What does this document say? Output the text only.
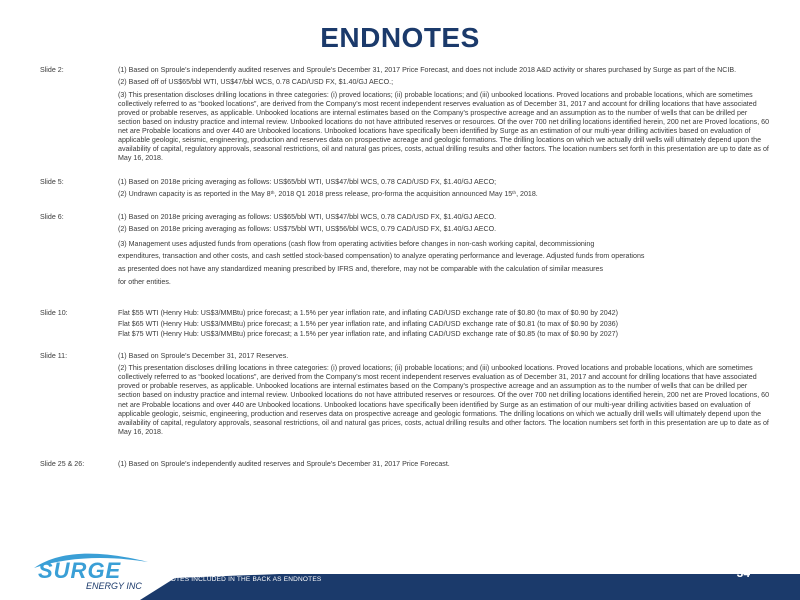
ENDNOTES
Slide 2:	(1) Based on Sproule’s independently audited reserves and Sproule’s December 31, 2017 Price Forecast, and does not include 2018 A&D activity or shares purchased by Surge as part of the NCIB.

(2) Based off of US$65/bbl WTI, US$47/bbl WCS, 0.78 CAD/USD FX, $1.40/GJ AECO.;

(3) This presentation discloses drilling locations in three categories: (i) proved locations; (ii) probable locations; and (iii) unbooked locations. Proved locations and probable locations, which are sometimes collectively referred to as “booked locations”, are derived from the Company’s most recent independent reserves evaluation as of December 31, 2017 and account for drilling locations that have associated proved or probable reserves, as applicable. Unbooked locations are internal estimates based on the Company’s prospective acreage and an assumption as to the number of wells that can be drilled per section based on industry practice and internal review. Unbooked locations do not have attributed reserves or resources. Of the over 700 net drilling locations identified herein, 200 net are Proved locations, 60 net are Probable locations and over 440 are Unbooked locations. Unbooked locations have specifically been identified by Surge as an estimation of our multi-year drilling activities based on evaluation of applicable geologic, seismic, engineering, production and reserves data on prospective acreage and geologic formations. The drilling locations on which we actually drill wells will ultimately depend upon the availability of capital, regulatory approvals, seasonal restrictions, oil and natural gas prices, costs, actual drilling results and other factors. The location numbers set forth in this presentation are up to date as of May 16, 2018.

Slide 5:	(1) Based on 2018e pricing averaging as follows: US$65/bbl WTI, US$47/bbl WCS, 0.78 CAD/USD FX, $1.40/GJ AECO;

(2) Undrawn capacity is as reported in the May 8th, 2018 Q1 2018 press release, pro-forma the acquisition announced May 15th, 2018.

Slide 6:	(1) Based on 2018e pricing averaging as follows: US$65/bbl WTI, US$47/bbl WCS, 0.78 CAD/USD FX, $1.40/GJ AECO.

(2) Based on 2018e pricing averaging as follows: US$75/bbl WTI, US$56/bbl WCS, 0.79 CAD/USD FX, $1.40/GJ AECO.

(3) Management uses adjusted funds from operations (cash flow from operating activities before changes in non-cash working capital, decommissioning

expenditures, transaction and other costs, and cash settled stock-based compensation) to analyze operating performance and leverage. Adjusted funds from operations

as presented does not have any standardized meaning prescribed by IFRS and, therefore, may not be comparable with the calculation of similar measures

for other entities.

Slide 10:	Flat $55 WTI (Henry Hub: US$3/MMBtu) price forecast; a 1.5% per year inflation rate, and inflating CAD/USD exchange rate of $0.80 (to max of $0.90 by 2042)

Flat $65 WTI (Henry Hub: US$3/MMBtu) price forecast; a 1.5% per year inflation rate, and inflating CAD/USD exchange rate of $0.81 (to max of $0.90 by 2036)

Flat $75 WTI (Henry Hub: US$3/MMBtu) price forecast; a 1.5% per year inflation rate, and inflating CAD/USD exchange rate of $0.85 (to max of $0.90 by 2027)

Slide 11:	(1) Based on Sproule’s December 31, 2017 Reserves.

(2) This presentation discloses drilling locations in three categories: (i) proved locations; (ii) probable locations; and (iii) unbooked locations. Proved locations and probable locations, which are sometimes collectively referred to as “booked locations”, are derived from the Company’s most recent independent reserves evaluation as of December 31, 2017 and account for drilling locations that have associated proved or probable reserves, as applicable. Unbooked locations are internal estimates based on the Company’s prospective acreage and an assumption as to the number of wells that can be drilled per section based on industry practice and internal review. Unbooked locations do not have attributed reserves or resources. Of the over 700 net drilling locations identified herein, 200 net are Proved locations, 60 net are Probable locations and over 440 are Unbooked locations. Unbooked locations have specifically been identified by Surge as an estimation of our multi-year drilling activities based on evaluation of applicable geologic, seismic, engineering, production and reserves data on prospective acreage and geologic formations. The drilling locations on which we actually drill wells will ultimately depend upon the availability of capital, regulatory approvals, seasonal restrictions, oil and natural gas prices, costs, actual drilling results and other factors. The location numbers set forth in this presentation are up to date as of May 16, 2018.

Slide 25 & 26:	(1) Based on Sproule’s independently audited reserves and Sproule’s December 31, 2017 Price Forecast.

SURGE
ENERGY INC
FOOTNOTES INCLUDED IN THE BACK AS ENDNOTES	34
